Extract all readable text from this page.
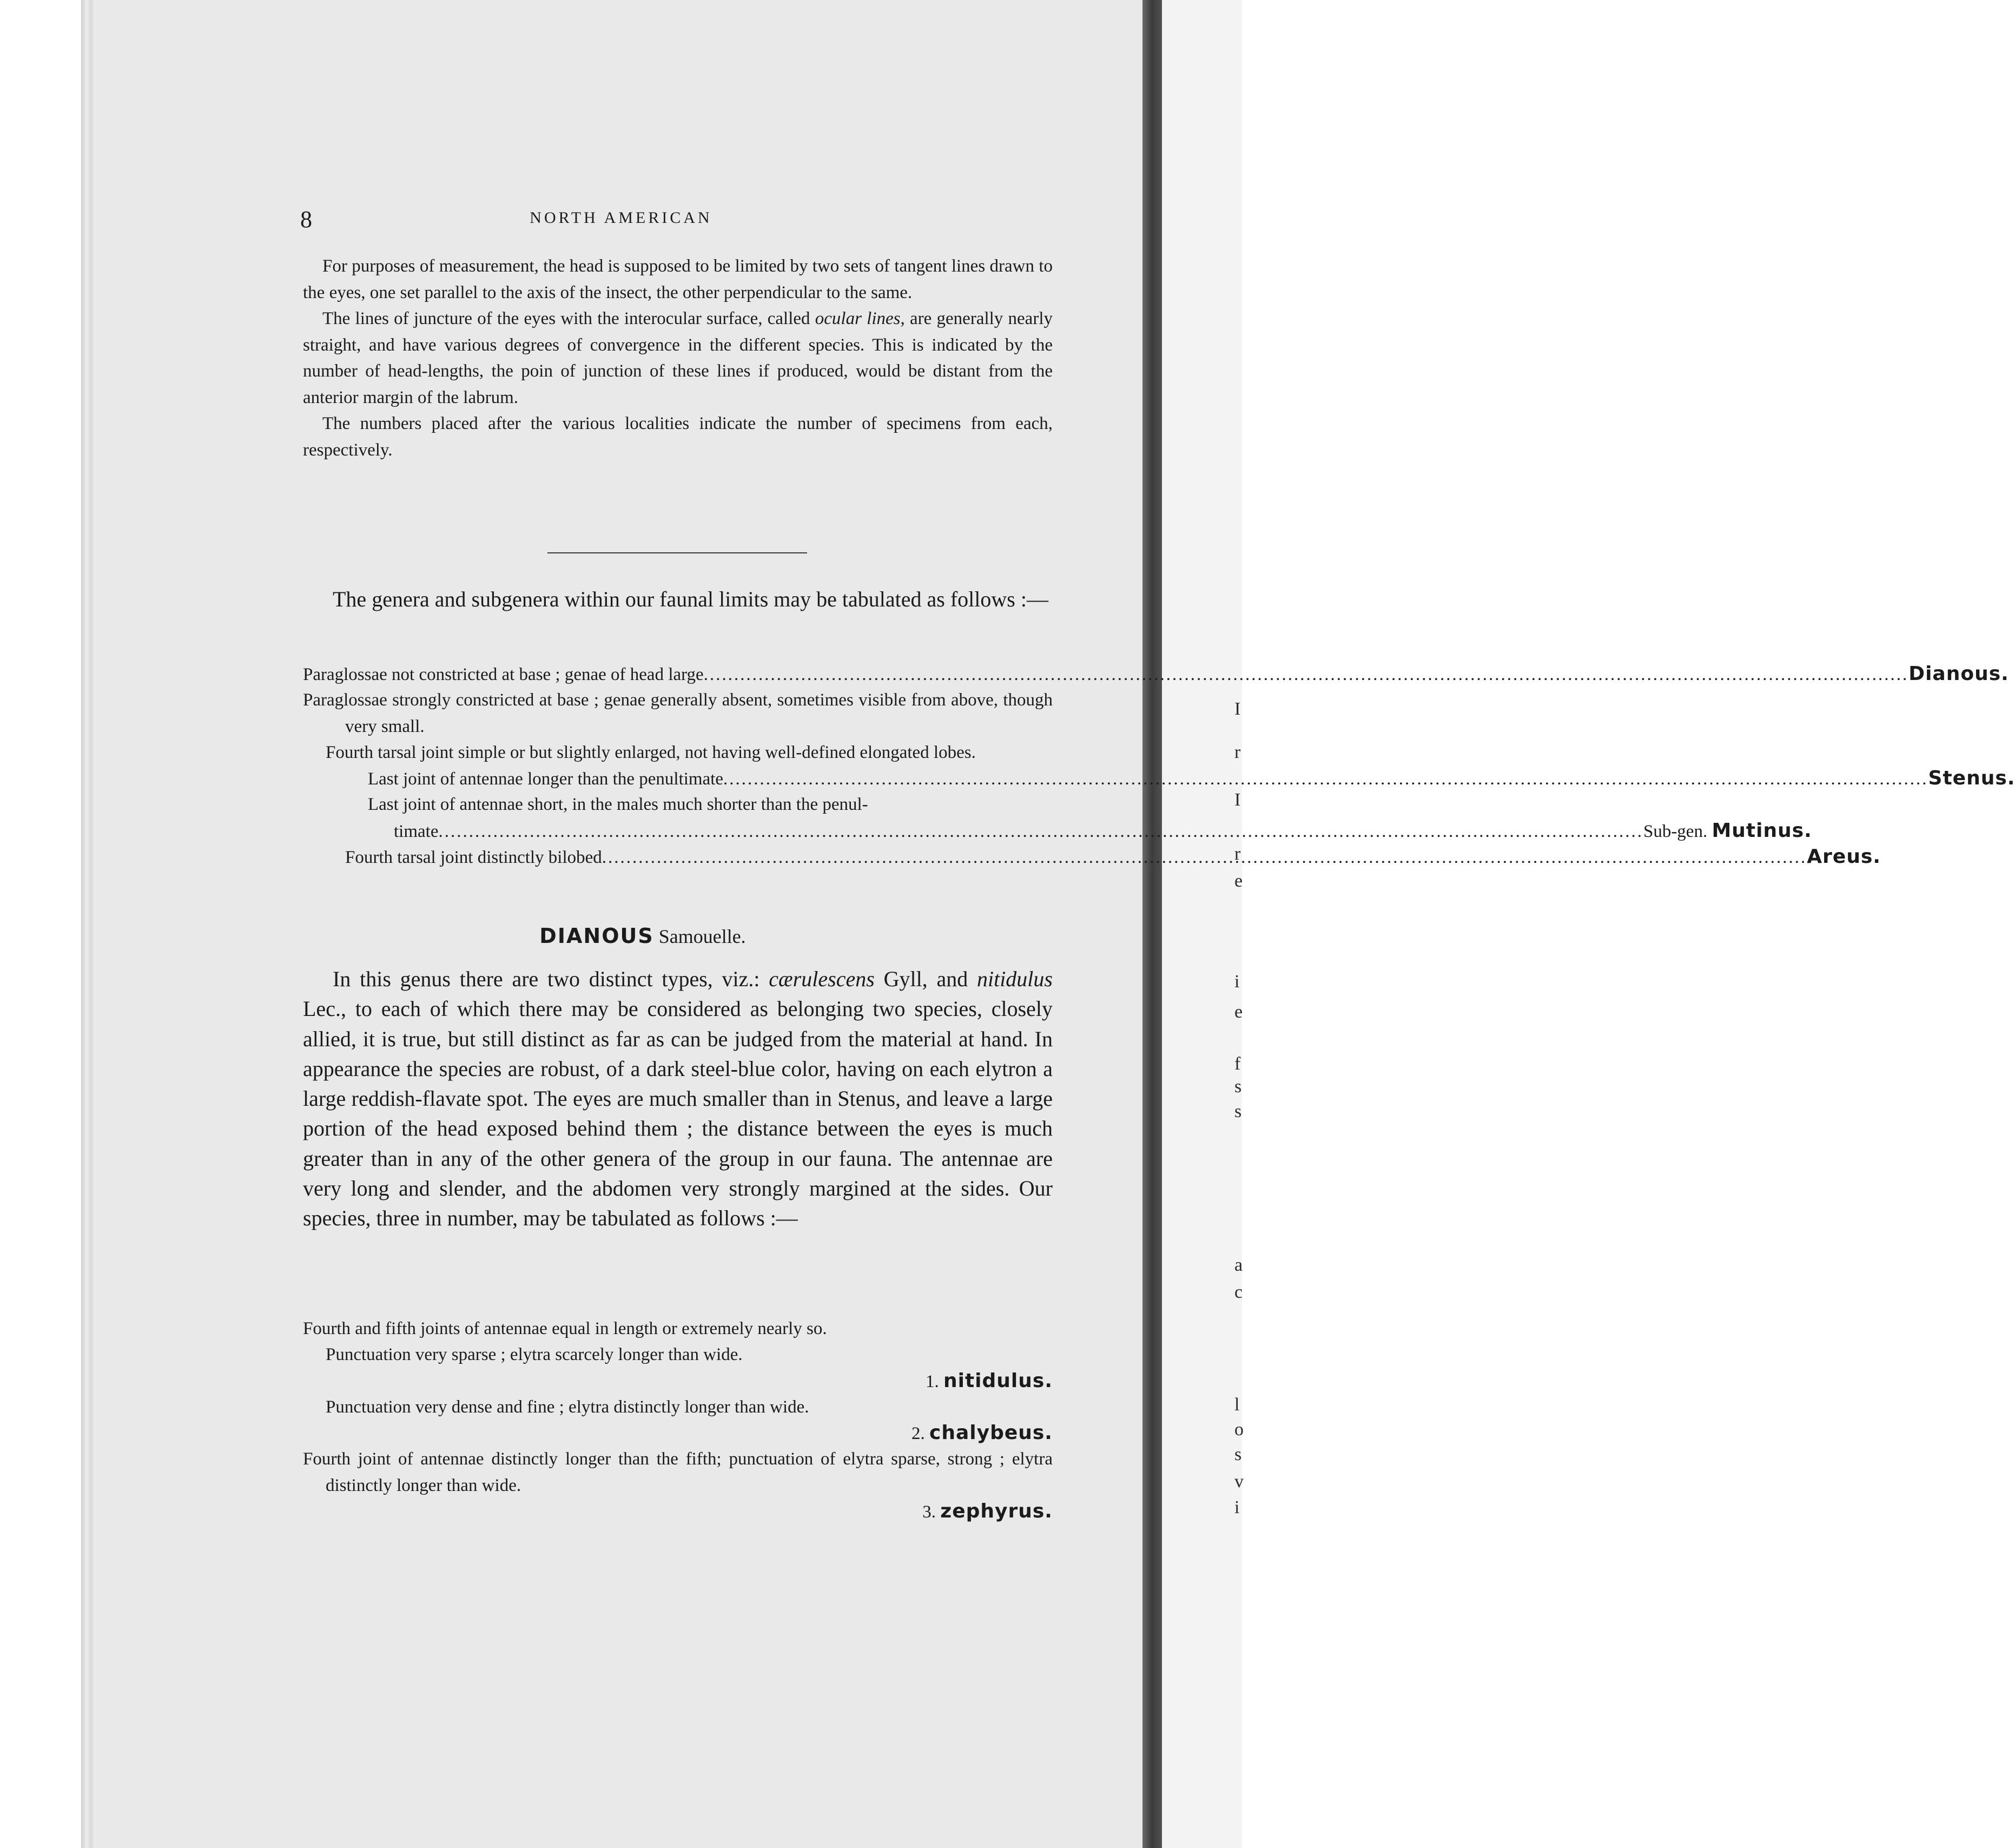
8	NORTH AMERICAN

For purposes of measurement, the head is supposed to be limited by two sets of tangent lines drawn to the eyes, one set parallel to the axis of the insect, the other perpendicular to the same.

The lines of juncture of the eyes with the interocular surface, called ocular lines, are generally nearly straight, and have various degrees of convergence in the different species. This is indicated by the number of head-lengths, the poin of junction of these lines if produced, would be distant from the anterior margin of the labrum.

The numbers placed after the various localities indicate the number of specimens from each, respectively.

The genera and subgenera within our faunal limits may be tabulated as follows :—

Paraglossae not constricted at base ; genae of head large .....	Dianous.
Paraglossae strongly constricted at base ; genae generally absent, sometimes visible from above, though very small.
Fourth tarsal joint simple or but slightly enlarged, not having well-defined elongated lobes.
Last joint of antennae longer than the penultimate .....	Stenus.
Last joint of antennae short, in the males much shorter than the penul-
timate .....	Sub-gen. Mutinus.
Fourth tarsal joint distinctly bilobed .....	Areus.
DIANOUS Samouelle.

In this genus there are two distinct types, viz.: cærulescens Gyll, and nitidulus Lec., to each of which there may be considered as belonging two species, closely allied, it is true, but still distinct as far as can be judged from the material at hand. In appearance the species are robust, of a dark steel-blue color, having on each elytron a large reddish-flavate spot. The eyes are much smaller than in Stenus, and leave a large portion of the head exposed behind them ; the distance between the eyes is much greater than in any of the other genera of the group in our fauna. The antennae are very long and slender, and the abdomen very strongly margined at the sides. Our species, three in number, may be tabulated as follows :—

Fourth and fifth joints of antennae equal in length or extremely nearly so.
Punctuation very sparse ; elytra scarcely longer than wide.
1. nitidulus.
Punctuation very dense and fine ; elytra distinctly longer than wide.
2. chalybeus.
Fourth joint of antennae distinctly longer than the fifth; punctuation of elytra sparse, strong ; elytra distinctly longer than wide.
3. zephyrus.
I
r
I
r
e
i
e
f
s
s
a
c
l
o
s
v
i
